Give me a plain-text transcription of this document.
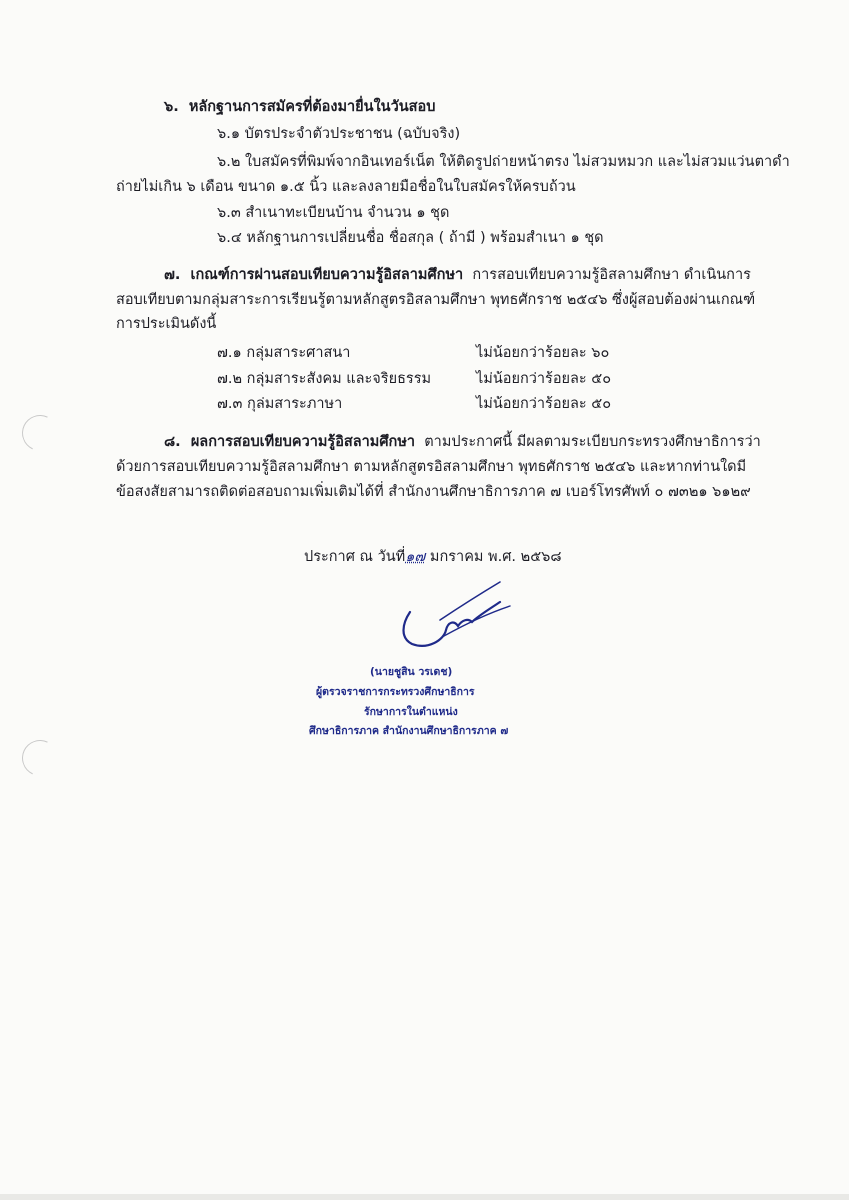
๖. หลักฐานการสมัครที่ต้องมายื่นในวันสอบ
๖.๑ บัตรประจำตัวประชาชน (ฉบับจริง)
๖.๒ ใบสมัครที่พิมพ์จากอินเทอร์เน็ต ให้ติดรูปถ่ายหน้าตรง ไม่สวมหมวก และไม่สวมแว่นตาดำ
ถ่ายไม่เกิน ๖ เดือน ขนาด ๑.๕ นิ้ว และลงลายมือชื่อในใบสมัครให้ครบถ้วน
๖.๓ สำเนาทะเบียนบ้าน จำนวน ๑ ชุด
๖.๔ หลักฐานการเปลี่ยนชื่อ ชื่อสกุล ( ถ้ามี ) พร้อมสำเนา ๑ ชุด
๗. เกณฑ์การผ่านสอบเทียบความรู้อิสลามศึกษา การสอบเทียบความรู้อิสลามศึกษา ดำเนินการ
สอบเทียบตามกลุ่มสาระการเรียนรู้ตามหลักสูตรอิสลามศึกษา พุทธศักราช ๒๕๔๖ ซึ่งผู้สอบต้องผ่านเกณฑ์
การประเมินดังนี้
๗.๑ กลุ่มสาระศาสนา	ไม่น้อยกว่าร้อยละ ๖๐
๗.๒ กลุ่มสาระสังคม และจริยธรรม	ไม่น้อยกว่าร้อยละ ๕๐
๗.๓ กุล่มสาระภาษา	ไม่น้อยกว่าร้อยละ ๕๐
๘. ผลการสอบเทียบความรู้อิสลามศึกษา ตามประกาศนี้ มีผลตามระเบียบกระทรวงศึกษาธิการว่า
ด้วยการสอบเทียบความรู้อิสลามศึกษา ตามหลักสูตรอิสลามศึกษา พุทธศักราช ๒๕๔๖ และหากท่านใดมี
ข้อสงสัยสามารถติดต่อสอบถามเพิ่มเติมได้ที่ สำนักงานศึกษาธิการภาค ๗ เบอร์โทรศัพท์ ๐ ๗๓๒๑ ๖๑๒๙
ประกาศ ณ วันที่๑๗ มกราคม พ.ศ. ๒๕๖๘
(นายชูสิน วรเดช)
ผู้ตรวจราชการกระทรวงศึกษาธิการ
รักษาการในตำแหน่ง
ศึกษาธิการภาค สำนักงานศึกษาธิการภาค ๗
